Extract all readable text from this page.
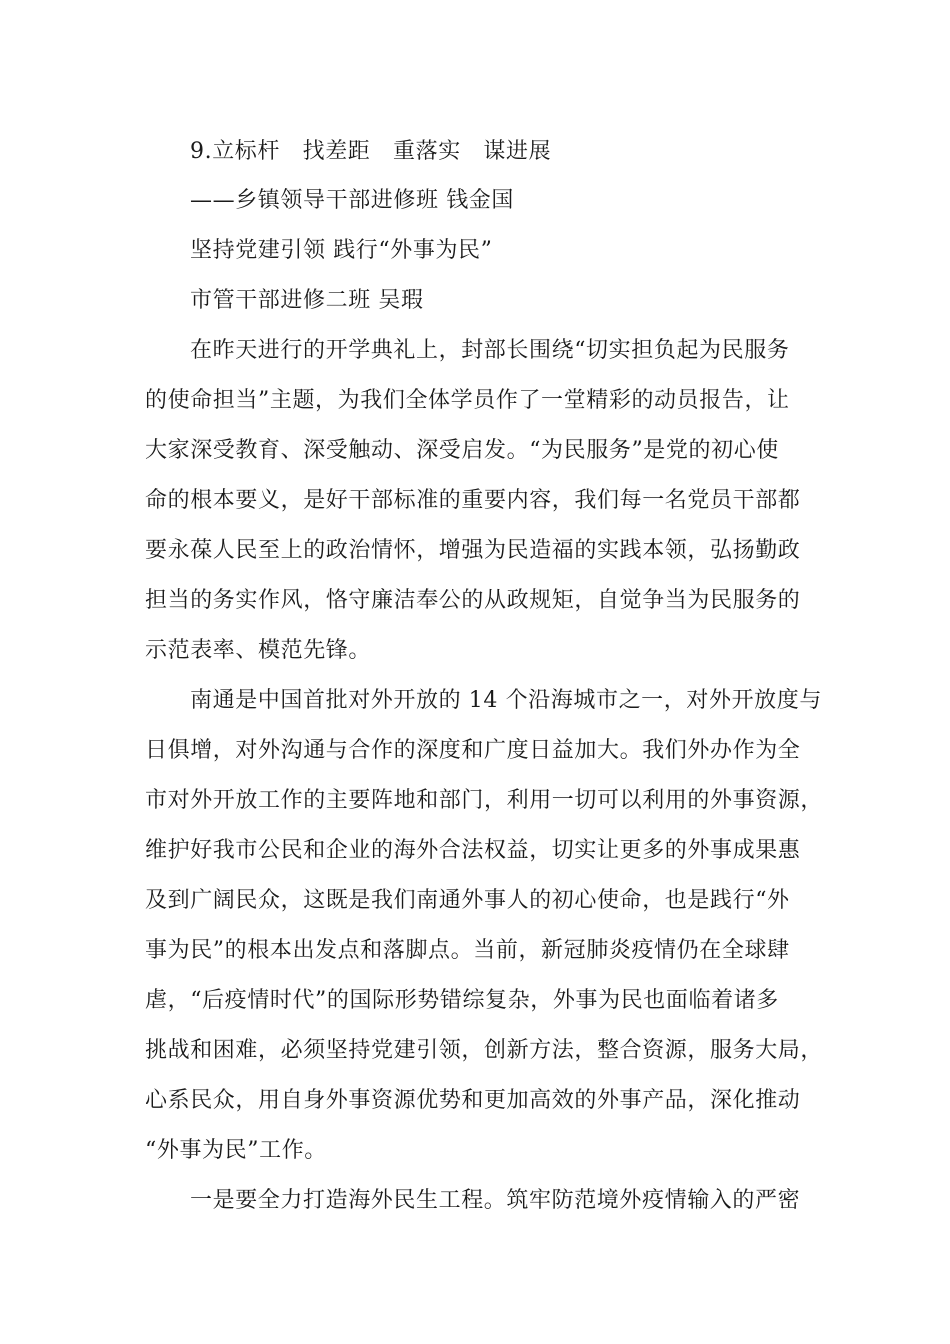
9.立标杆　找差距　重落实　谋进展
——乡镇领导干部进修班 钱金国
坚持党建引领 践行“外事为民”
市管干部进修二班 吴瑕
在昨天进行的开学典礼上，封部长围绕“切实担负起为民服务
的使命担当”主题，为我们全体学员作了一堂精彩的动员报告，让
大家深受教育、深受触动、深受启发。“为民服务”是党的初心使
命的根本要义，是好干部标准的重要内容，我们每一名党员干部都
要永葆人民至上的政治情怀，增强为民造福的实践本领，弘扬勤政
担当的务实作风，恪守廉洁奉公的从政规矩，自觉争当为民服务的
示范表率、模范先锋。
南通是中国首批对外开放的 14 个沿海城市之一，对外开放度与
日俱增，对外沟通与合作的深度和广度日益加大。我们外办作为全
市对外开放工作的主要阵地和部门，利用一切可以利用的外事资源，
维护好我市公民和企业的海外合法权益，切实让更多的外事成果惠
及到广阔民众，这既是我们南通外事人的初心使命，也是践行“外
事为民”的根本出发点和落脚点。当前，新冠肺炎疫情仍在全球肆
虐，“后疫情时代”的国际形势错综复杂，外事为民也面临着诸多
挑战和困难，必须坚持党建引领，创新方法，整合资源，服务大局，
心系民众，用自身外事资源优势和更加高效的外事产品，深化推动
“外事为民”工作。
一是要全力打造海外民生工程。筑牢防范境外疫情输入的严密
